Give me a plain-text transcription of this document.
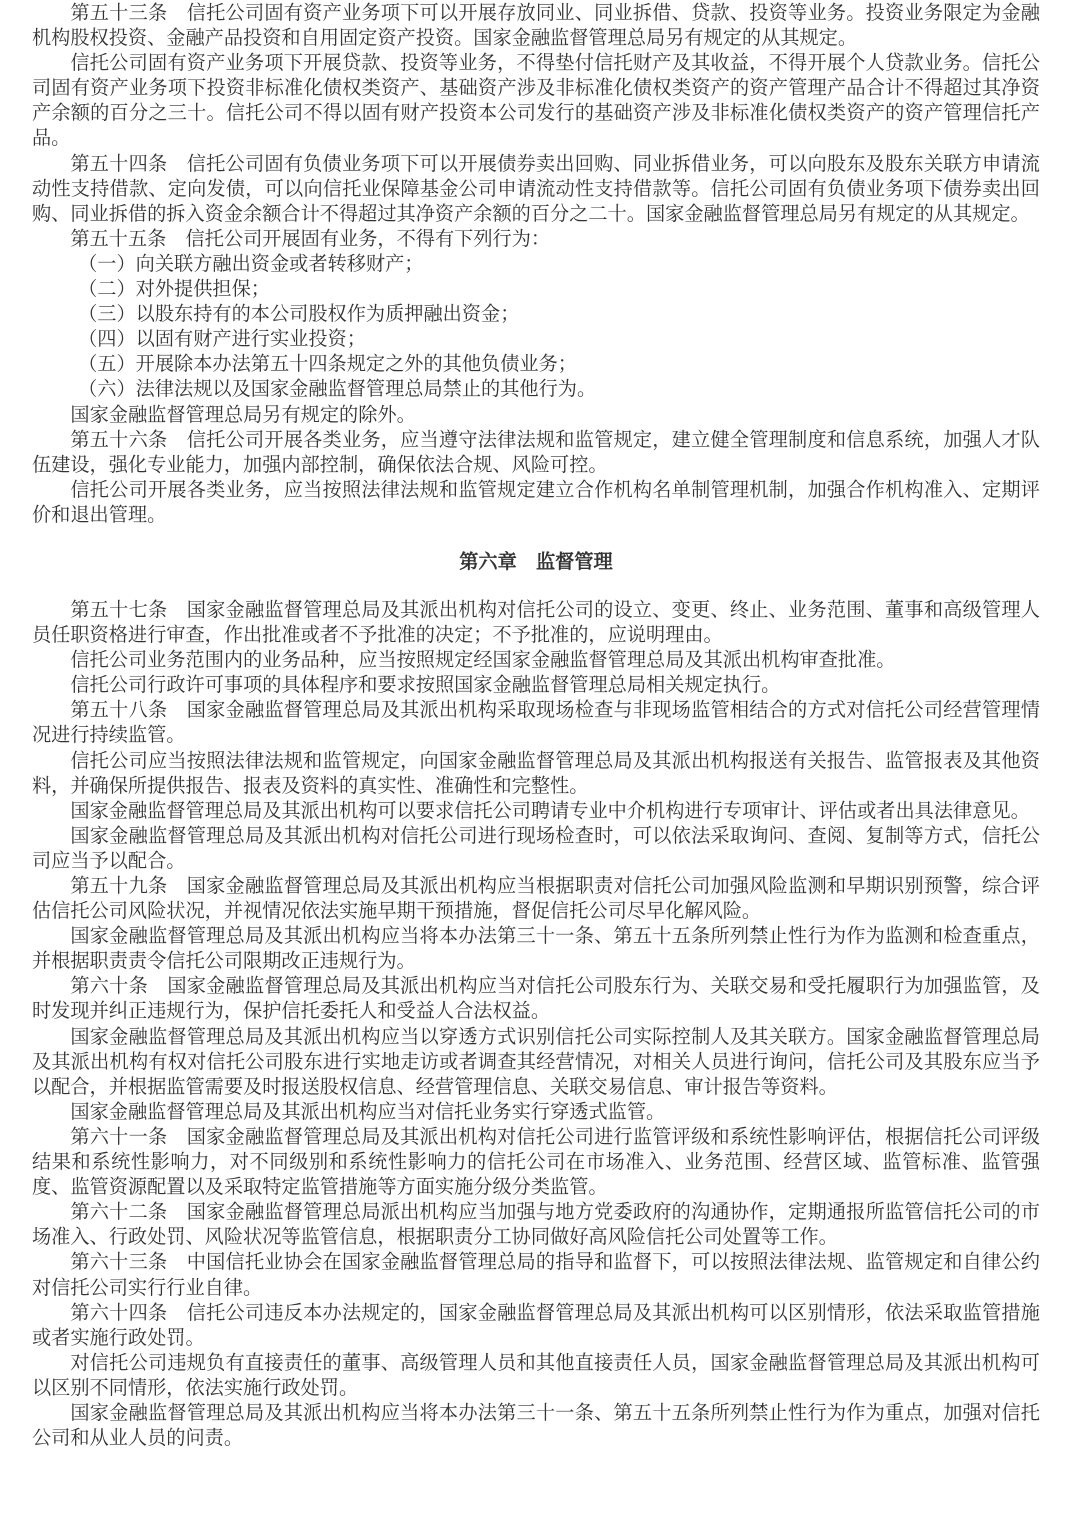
第五十三条　信托公司固有资产业务项下可以开展存放同业、同业拆借、贷款、投资等业务。投资业务限定为金融机构股权投资、金融产品投资和自用固定资产投资。国家金融监督管理总局另有规定的从其规定。

信托公司固有资产业务项下开展贷款、投资等业务，不得垫付信托财产及其收益，不得开展个人贷款业务。信托公司固有资产业务项下投资非标准化债权类资产、基础资产涉及非标准化债权类资产的资产管理产品合计不得超过其净资产余额的百分之三十。信托公司不得以固有财产投资本公司发行的基础资产涉及非标准化债权类资产的资产管理信托产品。

第五十四条　信托公司固有负债业务项下可以开展债券卖出回购、同业拆借业务，可以向股东及股东关联方申请流动性支持借款、定向发债，可以向信托业保障基金公司申请流动性支持借款等。信托公司固有负债业务项下债券卖出回购、同业拆借的拆入资金余额合计不得超过其净资产余额的百分之二十。国家金融监督管理总局另有规定的从其规定。

第五十五条　信托公司开展固有业务，不得有下列行为：

（一）向关联方融出资金或者转移财产；

（二）对外提供担保；

（三）以股东持有的本公司股权作为质押融出资金；

（四）以固有财产进行实业投资；

（五）开展除本办法第五十四条规定之外的其他负债业务；

（六）法律法规以及国家金融监督管理总局禁止的其他行为。

国家金融监督管理总局另有规定的除外。

第五十六条　信托公司开展各类业务，应当遵守法律法规和监管规定，建立健全管理制度和信息系统，加强人才队伍建设，强化专业能力，加强内部控制，确保依法合规、风险可控。

信托公司开展各类业务，应当按照法律法规和监管规定建立合作机构名单制管理机制，加强合作机构准入、定期评价和退出管理。

第六章　监督管理

第五十七条　国家金融监督管理总局及其派出机构对信托公司的设立、变更、终止、业务范围、董事和高级管理人员任职资格进行审查，作出批准或者不予批准的决定；不予批准的，应说明理由。

信托公司业务范围内的业务品种，应当按照规定经国家金融监督管理总局及其派出机构审查批准。

信托公司行政许可事项的具体程序和要求按照国家金融监督管理总局相关规定执行。

第五十八条　国家金融监督管理总局及其派出机构采取现场检查与非现场监管相结合的方式对信托公司经营管理情况进行持续监管。

信托公司应当按照法律法规和监管规定，向国家金融监督管理总局及其派出机构报送有关报告、监管报表及其他资料，并确保所提供报告、报表及资料的真实性、准确性和完整性。

国家金融监督管理总局及其派出机构可以要求信托公司聘请专业中介机构进行专项审计、评估或者出具法律意见。

国家金融监督管理总局及其派出机构对信托公司进行现场检查时，可以依法采取询问、查阅、复制等方式，信托公司应当予以配合。

第五十九条　国家金融监督管理总局及其派出机构应当根据职责对信托公司加强风险监测和早期识别预警，综合评估信托公司风险状况，并视情况依法实施早期干预措施，督促信托公司尽早化解风险。

国家金融监督管理总局及其派出机构应当将本办法第三十一条、第五十五条所列禁止性行为作为监测和检查重点，并根据职责责令信托公司限期改正违规行为。

第六十条　国家金融监督管理总局及其派出机构应当对信托公司股东行为、关联交易和受托履职行为加强监管，及时发现并纠正违规行为，保护信托委托人和受益人合法权益。

国家金融监督管理总局及其派出机构应当以穿透方式识别信托公司实际控制人及其关联方。国家金融监督管理总局及其派出机构有权对信托公司股东进行实地走访或者调查其经营情况，对相关人员进行询问，信托公司及其股东应当予以配合，并根据监管需要及时报送股权信息、经营管理信息、关联交易信息、审计报告等资料。

国家金融监督管理总局及其派出机构应当对信托业务实行穿透式监管。

第六十一条　国家金融监督管理总局及其派出机构对信托公司进行监管评级和系统性影响评估，根据信托公司评级结果和系统性影响力，对不同级别和系统性影响力的信托公司在市场准入、业务范围、经营区域、监管标准、监管强度、监管资源配置以及采取特定监管措施等方面实施分级分类监管。

第六十二条　国家金融监督管理总局派出机构应当加强与地方党委政府的沟通协作，定期通报所监管信托公司的市场准入、行政处罚、风险状况等监管信息，根据职责分工协同做好高风险信托公司处置等工作。

第六十三条　中国信托业协会在国家金融监督管理总局的指导和监督下，可以按照法律法规、监管规定和自律公约对信托公司实行行业自律。

第六十四条　信托公司违反本办法规定的，国家金融监督管理总局及其派出机构可以区别情形，依法采取监管措施或者实施行政处罚。

对信托公司违规负有直接责任的董事、高级管理人员和其他直接责任人员，国家金融监督管理总局及其派出机构可以区别不同情形，依法实施行政处罚。

国家金融监督管理总局及其派出机构应当将本办法第三十一条、第五十五条所列禁止性行为作为重点，加强对信托公司和从业人员的问责。
